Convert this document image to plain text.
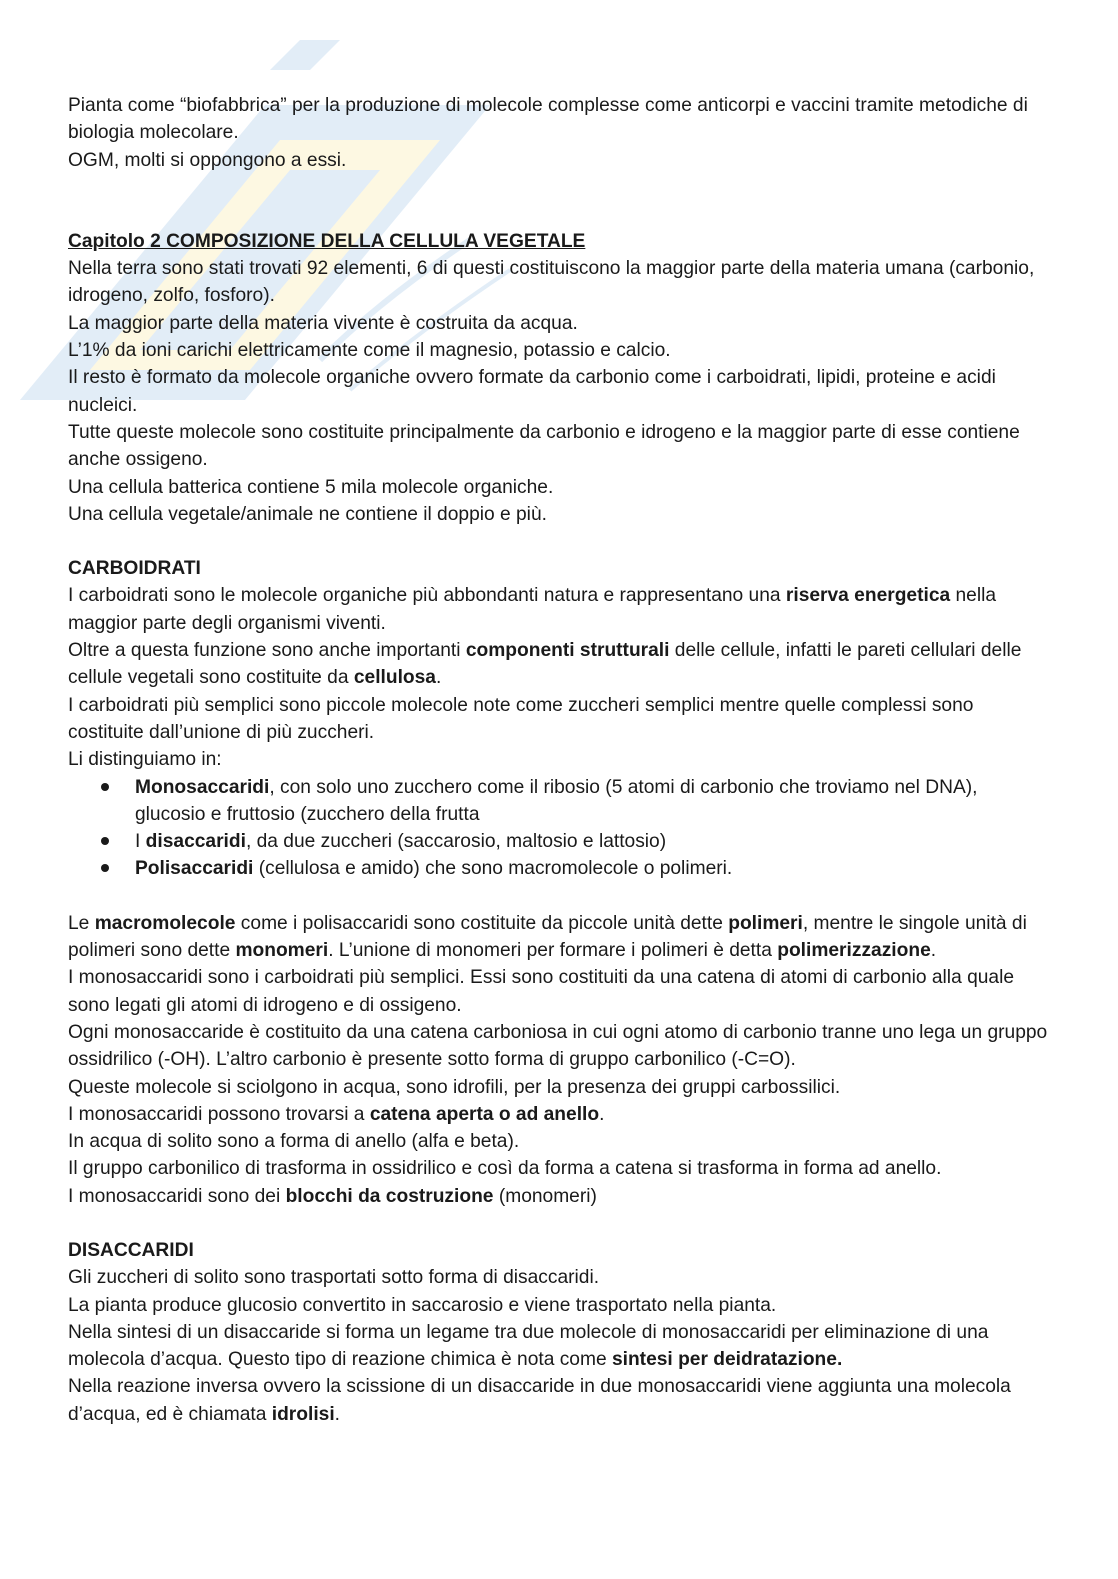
Pianta come “biofabbrica” per la produzione di molecole complesse come anticorpi e vaccini tramite metodiche di biologia molecolare.

OGM, molti si oppongono a essi.

Capitolo 2 COMPOSIZIONE DELLA CELLULA VEGETALE

Nella terra sono stati trovati 92 elementi, 6 di questi costituiscono la maggior parte della materia umana (carbonio, idrogeno, zolfo, fosforo).

La maggior parte della materia vivente è costruita da acqua.

L’1% da ioni carichi elettricamente come il magnesio, potassio e calcio.

Il resto è formato da molecole organiche ovvero formate da carbonio come i carboidrati, lipidi, proteine e acidi nucleici.

Tutte queste molecole sono costituite principalmente da carbonio e idrogeno e la maggior parte di esse contiene anche ossigeno.

Una cellula batterica contiene 5 mila molecole organiche.

Una cellula vegetale/animale ne contiene il doppio e più.

CARBOIDRATI

I carboidrati sono le molecole organiche più abbondanti natura e rappresentano una riserva energetica nella maggior parte degli organismi viventi.

Oltre a questa funzione sono anche importanti componenti strutturali delle cellule, infatti le pareti cellulari delle cellule vegetali sono costituite da cellulosa.

I carboidrati più semplici sono piccole molecole note come zuccheri semplici mentre quelle complessi sono costituite dall’unione di più zuccheri.

Li distinguiamo in:

Monosaccaridi, con solo uno zucchero come il ribosio (5 atomi di carbonio che troviamo nel DNA), glucosio e fruttosio (zucchero della frutta
I disaccaridi, da due zuccheri (saccarosio, maltosio e lattosio)
Polisaccaridi (cellulosa e amido) che sono macromolecole o polimeri.

Le macromolecole come i polisaccaridi sono costituite da piccole unità dette polimeri, mentre le singole unità di polimeri sono dette monomeri. L’unione di monomeri per formare i polimeri è detta polimerizzazione.

I monosaccaridi sono i carboidrati più semplici. Essi sono costituiti da una catena di atomi di carbonio alla quale sono legati gli atomi di idrogeno e di ossigeno.

Ogni monosaccaride è costituito da una catena carboniosa in cui ogni atomo di carbonio tranne uno lega un gruppo ossidrilico (-OH). L’altro carbonio è presente sotto forma di gruppo carbonilico (-C=O).

Queste molecole si sciolgono in acqua, sono idrofili, per la presenza dei gruppi carbossilici.

I monosaccaridi possono trovarsi a catena aperta o ad anello.

In acqua di solito sono a forma di anello (alfa e beta).

Il gruppo carbonilico di trasforma in ossidrilico e così da forma a catena si trasforma in forma ad anello.

I monosaccaridi sono dei blocchi da costruzione (monomeri)

DISACCARIDI

Gli zuccheri di solito sono trasportati sotto forma di disaccaridi.

La pianta produce glucosio convertito in saccarosio e viene trasportato nella pianta.

Nella sintesi di un disaccaride si forma un legame tra due molecole di monosaccaridi per eliminazione di una molecola d’acqua. Questo tipo di reazione chimica è nota come sintesi per deidratazione.

Nella reazione inversa ovvero la scissione di un disaccaride in due monosaccaridi viene aggiunta una molecola d’acqua, ed è chiamata idrolisi.
